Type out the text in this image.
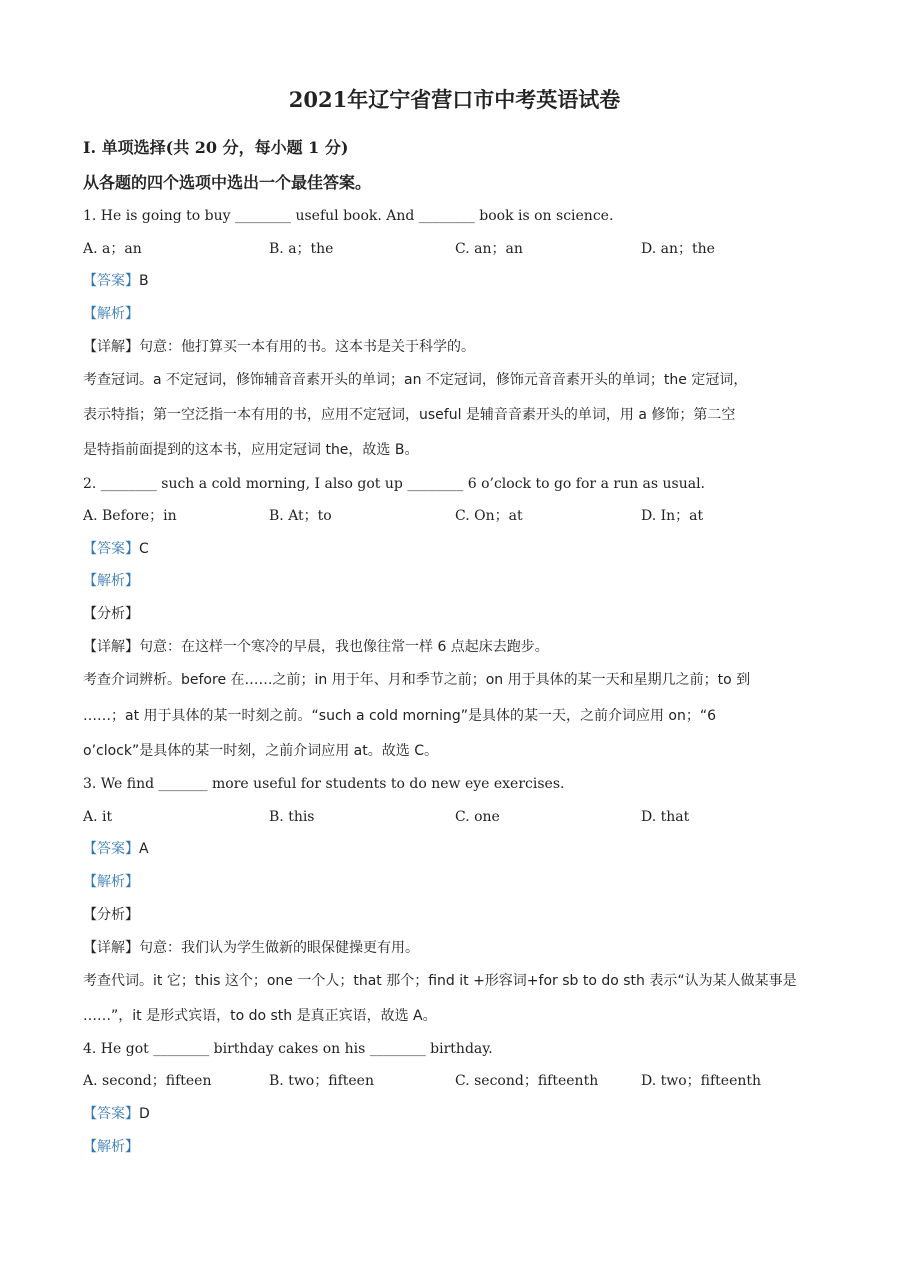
2021年辽宁省营口市中考英语试卷
I. 单项选择(共 20 分，每小题 1 分)
从各题的四个选项中选出一个最佳答案。
1. He is going to buy ________ useful book. And ________ book is on science.
A. a；an	B. a；the	C. an；an	D. an；the
【答案】B
【解析】
【详解】句意：他打算买一本有用的书。这本书是关于科学的。
考查冠词。a 不定冠词，修饰辅音音素开头的单词；an 不定冠词，修饰元音音素开头的单词；the 定冠词，
表示特指；第一空泛指一本有用的书，应用不定冠词，useful 是辅音音素开头的单词，用 a 修饰；第二空
是特指前面提到的这本书，应用定冠词 the，故选 B。
2. ________ such a cold morning, I also got up ________ 6 o’clock to go for a run as usual.
A. Before；in	B. At；to	C. On；at	D. In；at
【答案】C
【解析】
【分析】
【详解】句意：在这样一个寒冷的早晨，我也像往常一样 6 点起床去跑步。
考查介词辨析。before 在……之前；in 用于年、月和季节之前；on 用于具体的某一天和星期几之前；to 到
……；at 用于具体的某一时刻之前。“such a cold morning”是具体的某一天，之前介词应用 on；“6
o’clock”是具体的某一时刻，之前介词应用 at。故选 C。
3. We find _______ more useful for students to do new eye exercises.
A. it	B. this	C. one	D. that
【答案】A
【解析】
【分析】
【详解】句意：我们认为学生做新的眼保健操更有用。
考查代词。it 它；this 这个；one 一个人；that 那个；find it +形容词+for sb to do sth 表示“认为某人做某事是
……”，it 是形式宾语，to do sth 是真正宾语，故选 A。
4. He got ________ birthday cakes on his ________ birthday.
A. second；fifteen	B. two；fifteen	C. second；fifteenth	D. two；fifteenth
【答案】D
【解析】
